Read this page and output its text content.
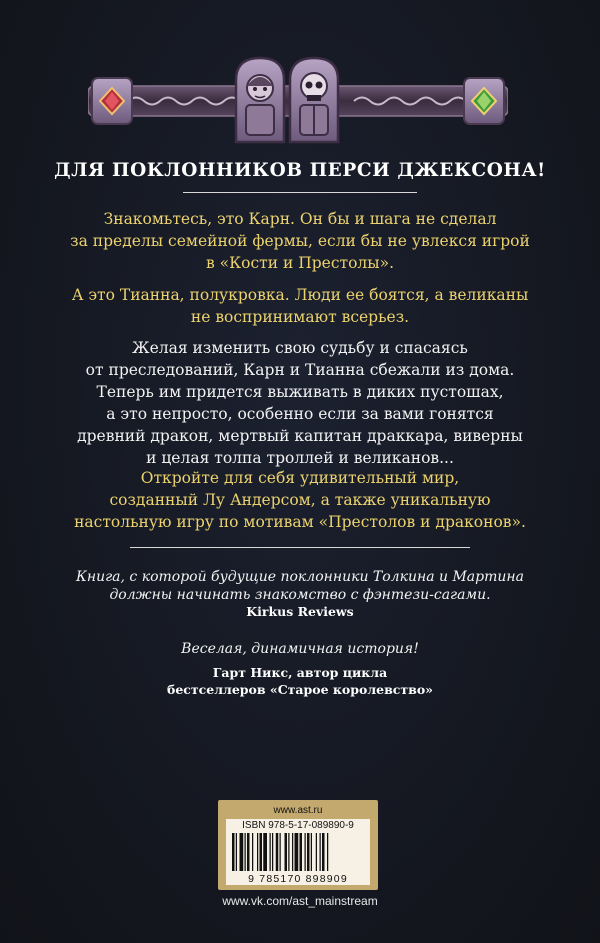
ДЛЯ ПОКЛОННИКОВ ПЕРСИ ДЖЕКСОНА!
Знакомьтесь, это Карн. Он бы и шага не сделал
за пределы семейной фермы, если бы не увлекся игрой
в «Кости и Престолы».
А это Тианна, полукровка. Люди ее боятся, а великаны
не воспринимают всерьез.
Желая изменить свою судьбу и спасаясь
от преследований, Карн и Тианна сбежали из дома.
Теперь им придется выживать в диких пустошах,
а это непросто, особенно если за вами гонятся
древний дракон, мертвый капитан драккара, виверны
и целая толпа троллей и великанов...
Откройте для себя удивительный мир,
созданный Лу Андерсом, а также уникальную
настольную игру по мотивам «Престолов и драконов».
Книга, с которой будущие поклонники Толкина и Мартина
должны начинать знакомство с фэнтези-сагами.
Kirkus Reviews
Веселая, динамичная история!
Гарт Никс, автор цикла
бестселлеров «Старое королевство»
www.ast.ru
ISBN 978-5-17-089890-9
9 785170 898909
www.vk.com/ast_mainstream
